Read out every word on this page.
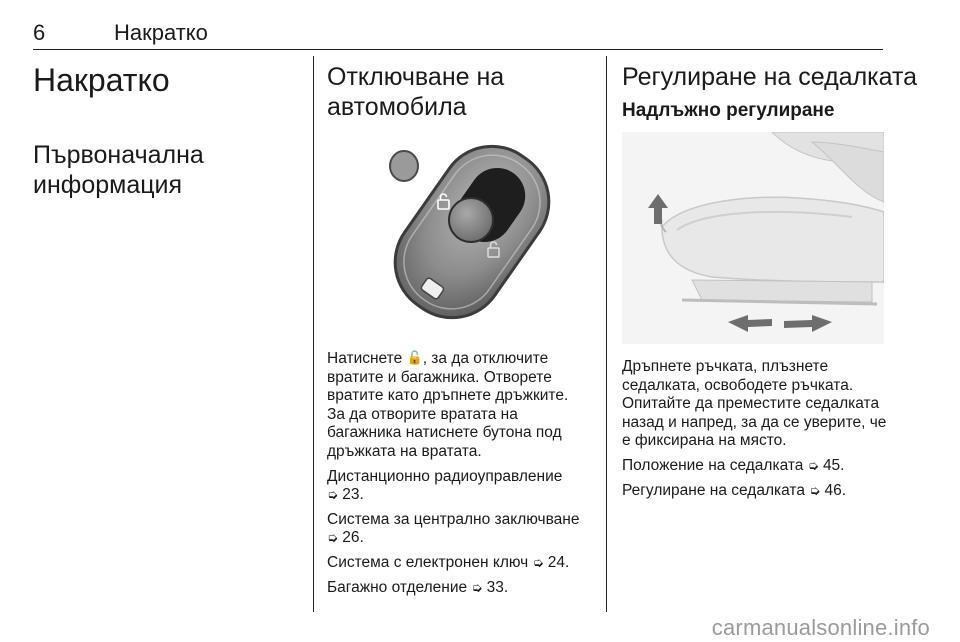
6	Накратко
Накратко
Първоначална информация
Отключване на автомобила

Натиснете 🔓, за да отключите вратите и багажника. Отворете вратите като дръпнете дръжките. За да отворите вратата на багажника натиснете бутона под дръжката на вратата.

Дистанционно радиоуправление
➭ 23.

Система за централно заключване
➭ 26.

Система с електронен ключ ➭ 24.

Багажно отделение ➭ 33.

Регулиране на седалката
Надлъжно регулиране

Дръпнете ръчката, плъзнете седалката, освободете ръчката. Опитайте да преместите седалката назад и напред, за да се уверите, че е фиксирана на място.

Положение на седалката ➭ 45.

Регулиране на седалката ➭ 46.

carmanualsonline.info
